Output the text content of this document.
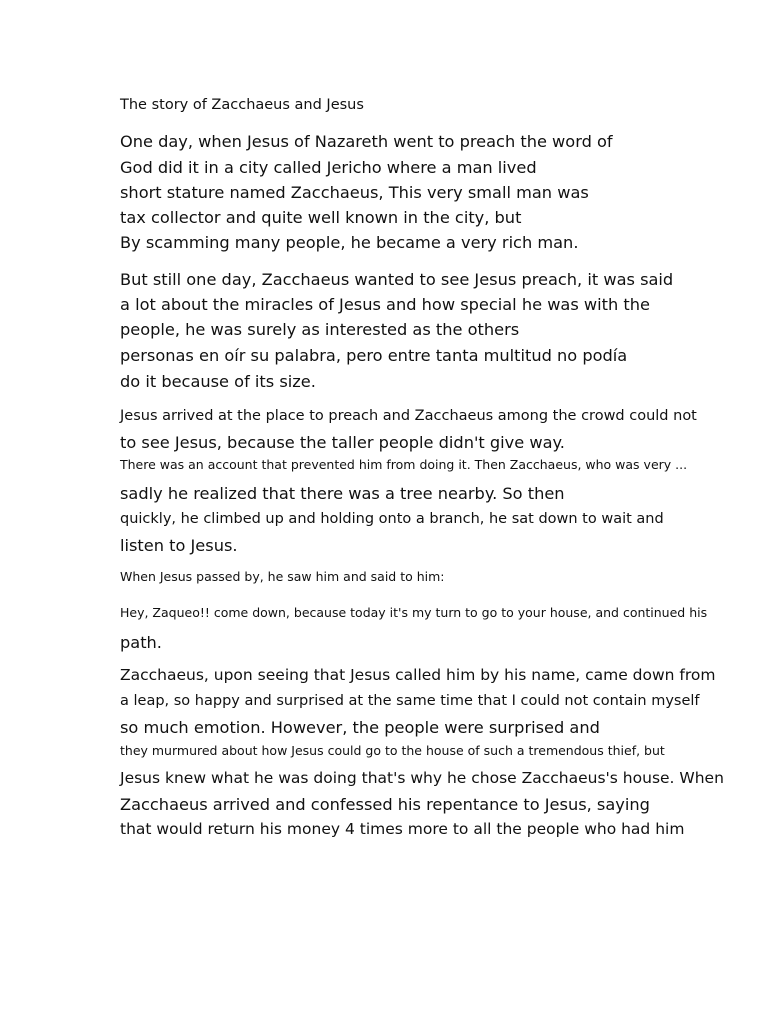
The story of Zacchaeus and Jesus

One day, when Jesus of Nazareth went to preach the word of

God did it in a city called Jericho where a man lived

short stature named Zacchaeus, This very small man was

tax collector and quite well known in the city, but

By scamming many people, he became a very rich man.

But still one day, Zacchaeus wanted to see Jesus preach, it was said

a lot about the miracles of Jesus and how special he was with the

people, he was surely as interested as the others

personas en oír su palabra, pero entre tanta multitud no podía

do it because of its size.

Jesus arrived at the place to preach and Zacchaeus among the crowd could not

to see Jesus, because the taller people didn't give way.

There was an account that prevented him from doing it. Then Zacchaeus, who was very ...

sadly he realized that there was a tree nearby. So then

quickly, he climbed up and holding onto a branch, he sat down to wait and

listen to Jesus.

When Jesus passed by, he saw him and said to him:

Hey, Zaqueo!! come down, because today it's my turn to go to your house, and continued his

path.

Zacchaeus, upon seeing that Jesus called him by his name, came down from

a leap, so happy and surprised at the same time that I could not contain myself

so much emotion. However, the people were surprised and

they murmured about how Jesus could go to the house of such a tremendous thief, but

Jesus knew what he was doing that's why he chose Zacchaeus's house. When

Zacchaeus arrived and confessed his repentance to Jesus, saying

that would return his money 4 times more to all the people who had him
